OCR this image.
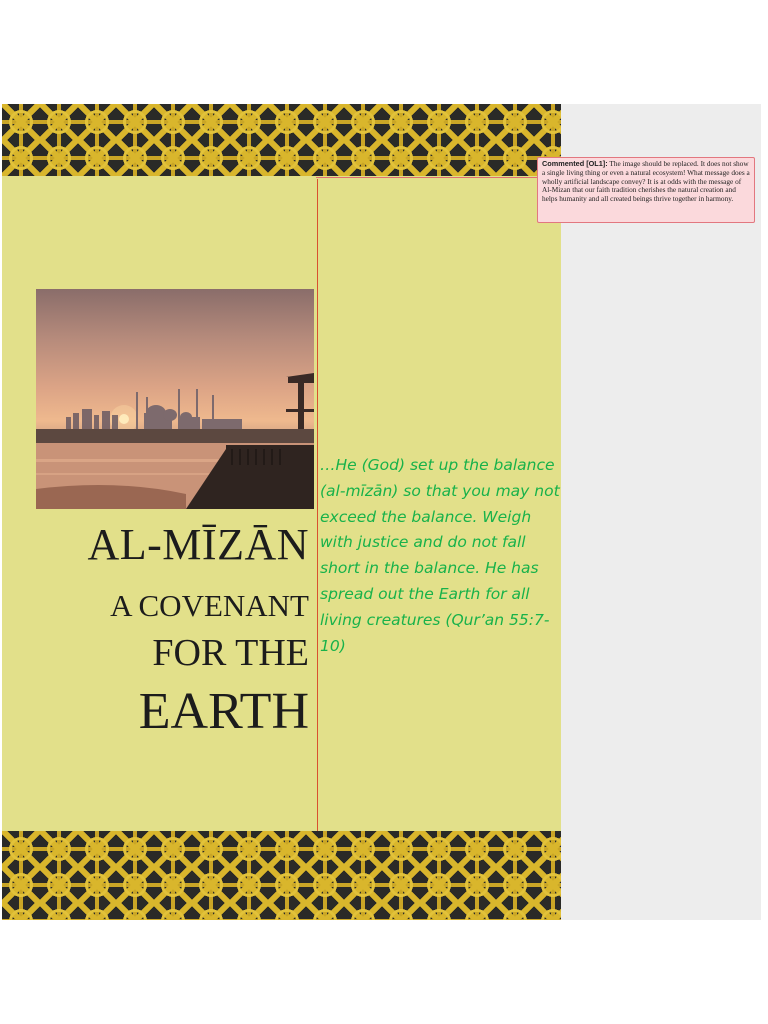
AL-MĪZĀN
A COVENANT
FOR THE
EARTH

…He (God) set up the balance (al-mīzān) so that you may not exceed the balance. Weigh with justice and do not fall short in the balance. He has spread out the Earth for all living creatures (Qur’an 55:7-10)

Commented [OL1]: The image should be replaced. It does not show a single living thing or even a natural ecosystem! What message does a wholly artificial landscape convey? It is at odds with the message of Al-Mizan that our faith tradition cherishes the natural creation and helps humanity and all created beings thrive together in harmony.
